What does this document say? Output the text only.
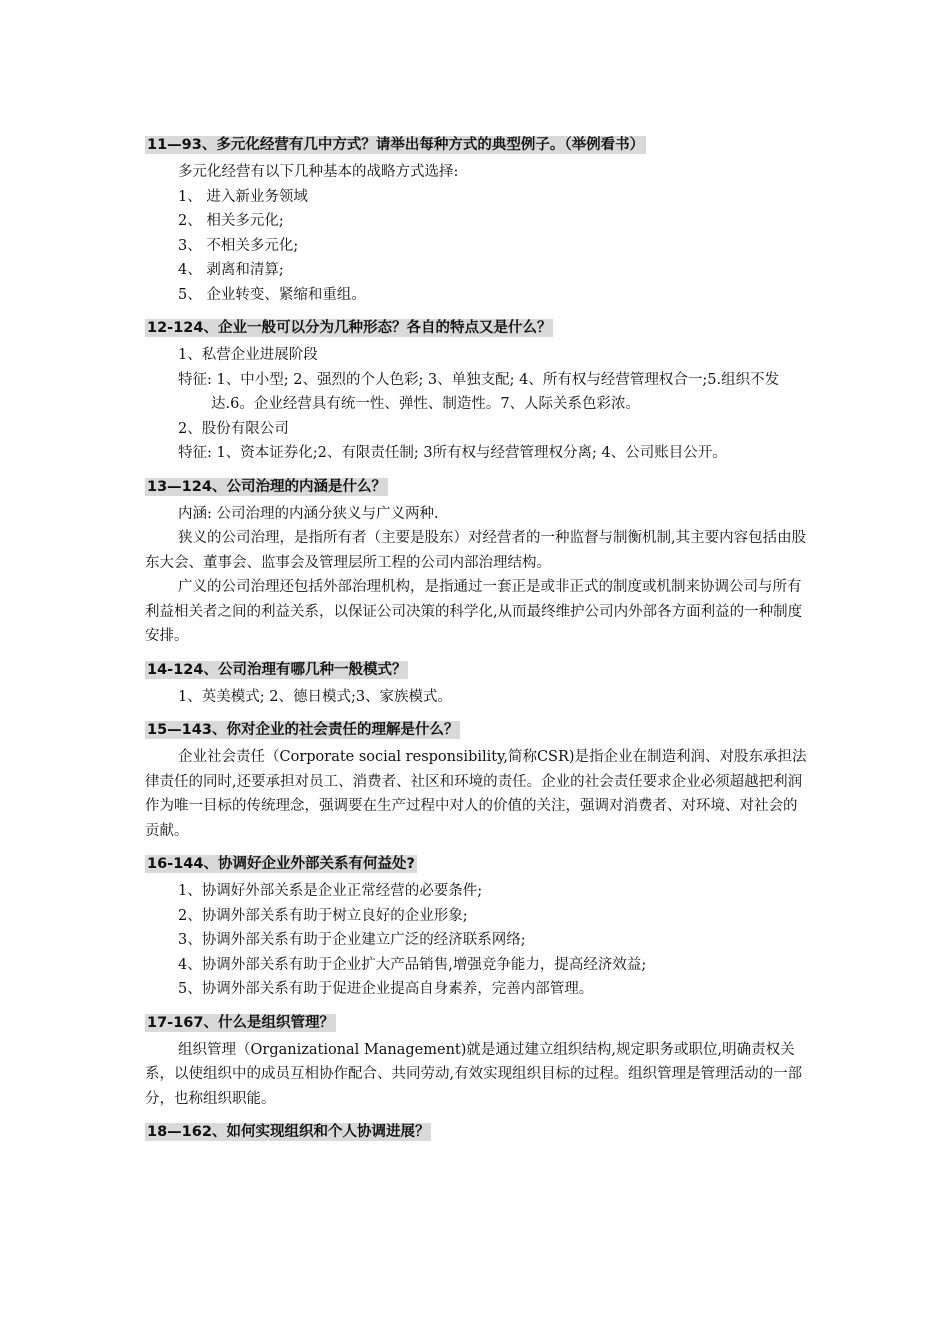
11—93、多元化经营有几中方式？请举出每种方式的典型例子。（举例看书）
多元化经营有以下几种基本的战略方式选择:
1、 进入新业务领域
2、 相关多元化;
3、 不相关多元化;
4、 剥离和清算;
5、 企业转变、紧缩和重组。
12-124、企业一般可以分为几种形态？各自的特点又是什么？
1、私营企业进展阶段
特征: 1、中小型; 2、强烈的个人色彩; 3、单独支配; 4、所有权与经营管理权合一;5.组织不发达.6。企业经营具有统一性、弹性、制造性。7、人际关系色彩浓。
2、股份有限公司
特征: 1、资本证券化;2、有限责任制; 3所有权与经营管理权分离; 4、公司账目公开。
13—124、公司治理的内涵是什么？
内涵: 公司治理的内涵分狭义与广义两种.
狭义的公司治理，是指所有者（主要是股东）对经营者的一种监督与制衡机制,其主要内容包括由股东大会、董事会、监事会及管理层所工程的公司内部治理结构。
广义的公司治理还包括外部治理机构，是指通过一套正是或非正式的制度或机制来协调公司与所有利益相关者之间的利益关系，以保证公司决策的科学化,从而最终维护公司内外部各方面利益的一种制度安排。
14-124、公司治理有哪几种一般模式？
1、英美模式; 2、德日模式;3、家族模式。
15—143、你对企业的社会责任的理解是什么？
企业社会责任（Corporate social responsibility,简称CSR)是指企业在制造利润、对股东承担法律责任的同时,还要承担对员工、消费者、社区和环境的责任。企业的社会责任要求企业必须超越把利润作为唯一目标的传统理念，强调要在生产过程中对人的价值的关注，强调对消费者、对环境、对社会的贡献。
16-144、协调好企业外部关系有何益处?
1、协调好外部关系是企业正常经营的必要条件;
2、协调外部关系有助于树立良好的企业形象;
3、协调外部关系有助于企业建立广泛的经济联系网络;
4、协调外部关系有助于企业扩大产品销售,增强竞争能力，提高经济效益;
5、协调外部关系有助于促进企业提高自身素养，完善内部管理。
17-167、什么是组织管理？
组织管理（Organizational Management)就是通过建立组织结构,规定职务或职位,明确责权关系，以使组织中的成员互相协作配合、共同劳动,有效实现组织目标的过程。组织管理是管理活动的一部分，也称组织职能。
18—162、如何实现组织和个人协调进展？
